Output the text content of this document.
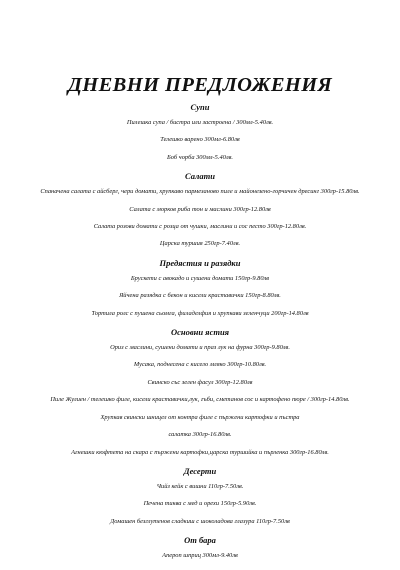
ДНЕВНИ ПРЕДЛОЖЕНИЯ
Супи
Пилешка супа / бистра или застроена / 300мл-5.40лв.
Телешко варено 300мл-6.80лв
Боб чорба 300мл-5.40лв.
Салати
Спаначена салата с айсберг, чери домати, хрупкаво пармезаново пиле и майонезено-горчичен дресинг 300гр-15.80лв.
Салата с морков риба тон и маслини 300гр-12.80лв
Салата розови домати с розца от чушки, маслини и сос песто 300гр-12.80лв.
Царска туршия 250гр-7.40лв.
Предястия и разядки
Брускети с авокадо и сушени домати 150гр-9.80лв
Яйчена разядка с бекон и кисели краставички 150гр-8.80лв.
Тортила ролс с пушена сьомга, филаделфия и хрупкави зеленчуци 200гр-14.80лв
Основни ястия
Ориз с маслини, сушени домати и праз лук на фурна 300гр-9.80лв.
Мусака, поднесена с кисело мляко 300гр-10.80лв.
Свинско със зелен фасул 300гр-12.80лв
Пиле Жулиен / телешко филе, кисели краставички,лук, гъби, сметанов сос и картофено пюре / 300гр-14.80лв.
Хрупкав свински шницел от контра филе с пържени картофки и пъстра
салатка 300гр-16.80лв.
Агнешки кюфтета на скара с пържени картофки,царска туршийка и пърленка 300гр-16.80лв.
Десерти
Чийз кейк с вишни 110гр-7.50лв.
Печена тиква с мед и орехи 150гр-5.90лв.
Домашен безглутенов сладкиш с шоколадова глазура 110гр-7.50лв
От бара
Апероп шприц 300мл-9.40лв
